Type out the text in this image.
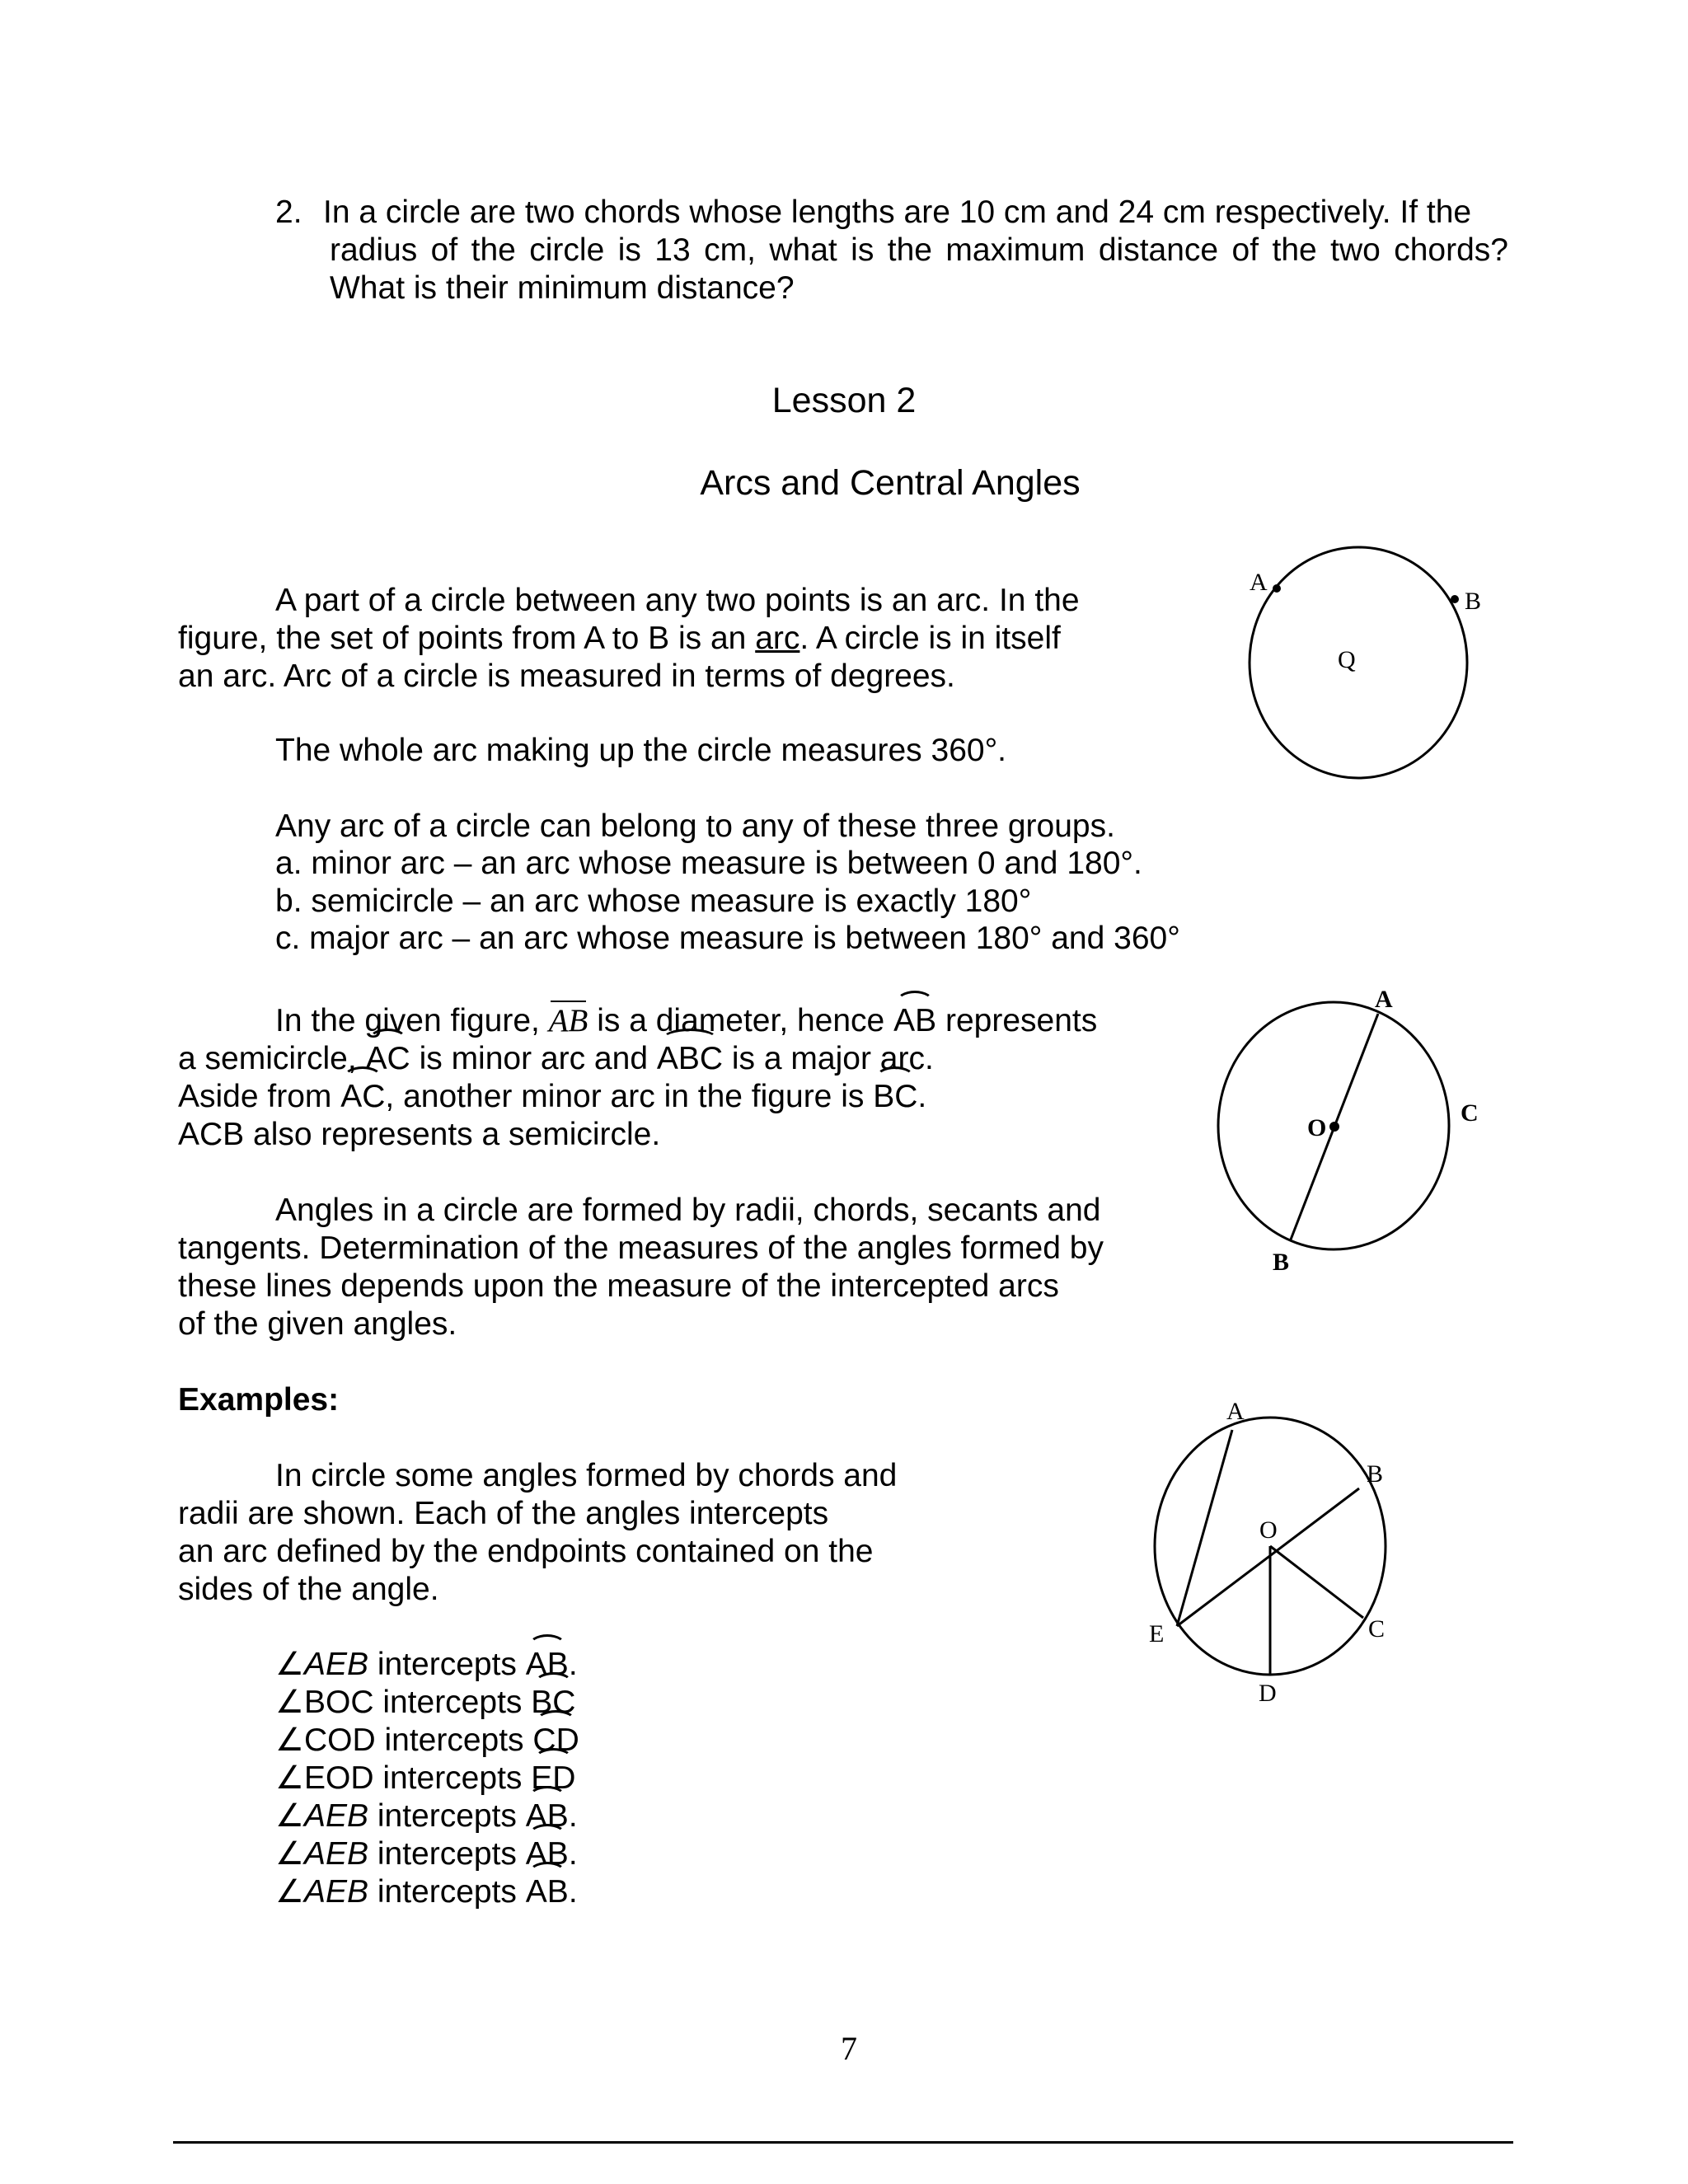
2. In a circle are two chords whose lengths are 10 cm and 24 cm respectively. If the
radius of the circle is 13 cm, what is the maximum distance of the two chords?
What is their minimum distance?
Lesson 2
Arcs and Central Angles
A part of a circle between any two points is an arc. In the
figure, the set of points from A to B is an arc. A circle is in itself
an arc. Arc of a circle is measured in terms of degrees.
The whole arc making up the circle measures 360°.
Any arc of a circle can belong to any of these three groups.
a. minor arc – an arc whose measure is between 0 and 180°.
b. semicircle – an arc whose measure is exactly 180°
c. major arc – an arc whose measure is between 180° and 360°
In the given figure, AB is a diameter, hence AB represents
a semicircle, AC is minor arc and ABC is a major arc.
Aside from AC, another minor arc in the figure is BC.
ACB also represents a semicircle.
Angles in a circle are formed by radii, chords, secants and
tangents. Determination of the measures of the angles formed by
these lines depends upon the measure of the intercepted arcs
of the given angles.
Examples:
In circle some angles formed by chords and
radii are shown. Each of the angles intercepts
an arc defined by the endpoints contained on the
sides of the angle.
∠AEB intercepts AB.
∠BOC intercepts BC
∠COD intercepts CD
∠EOD intercepts ED
∠AEB intercepts AB.
∠AEB intercepts AB.
∠AEB intercepts AB.
A
B
Q
A
B
C
O
A
B
C
D
E
O
7
